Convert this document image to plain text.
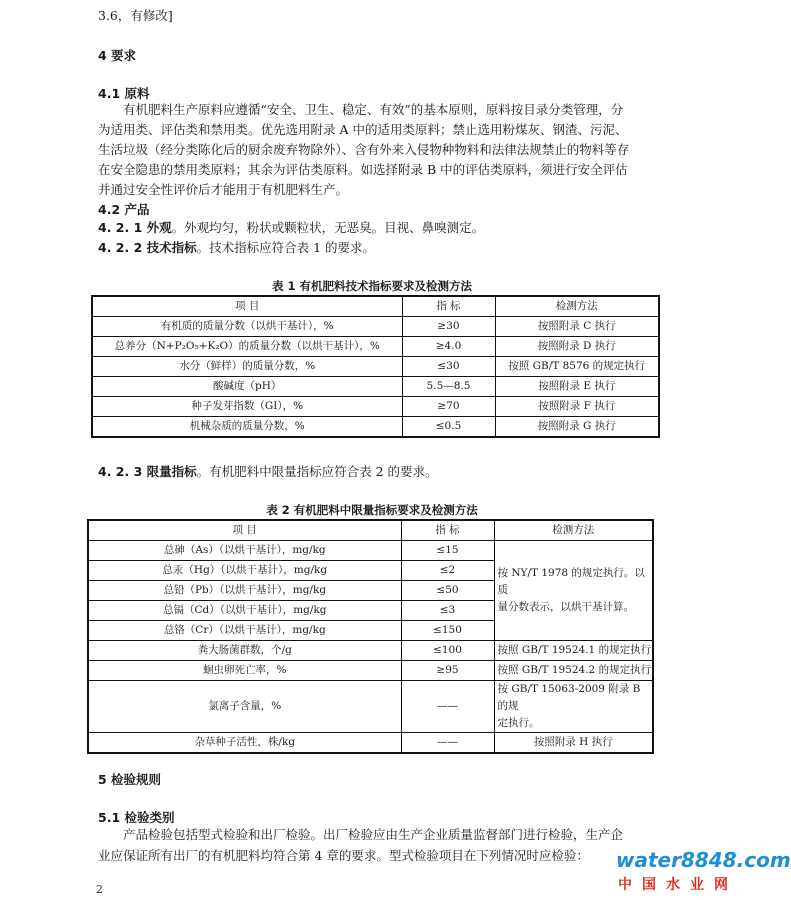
3.6，有修改]
4 要求
4.1 原料
有机肥料生产原料应遵循“安全、卫生、稳定、有效”的基本原则，原料按目录分类管理，分
为适用类、评估类和禁用类。优先选用附录 A 中的适用类原料；禁止选用粉煤灰、钢渣、污泥、
生活垃圾（经分类陈化后的厨余废弃物除外）、含有外来入侵物种物料和法律法规禁止的物料等存
在安全隐患的禁用类原料；其余为评估类原料。如选择附录 B 中的评估类原料，须进行安全评估
并通过安全性评价后才能用于有机肥料生产。
4.2 产品
4. 2. 1 外观。外观均匀，粉状或颗粒状，无恶臭。目视、鼻嗅测定。
4. 2. 2 技术指标。技术指标应符合表 1 的要求。
表 1 有机肥料技术指标要求及检测方法
项 目	指 标	检测方法
有机质的质量分数（以烘干基计），%	≥30	按照附录 C 执行
总养分（N+P₂O₅+K₂O）的质量分数（以烘干基计），%	≥4.0	按照附录 D 执行
水分（鲜样）的质量分数，%	≤30	按照 GB/T 8576 的规定执行
酸碱度（pH）	5.5—8.5	按照附录 E 执行
种子发芽指数（GI），%	≥70	按照附录 F 执行
机械杂质的质量分数，%	≤0.5	按照附录 G 执行
4. 2. 3 限量指标。有机肥料中限量指标应符合表 2 的要求。
表 2 有机肥料中限量指标要求及检测方法
项 目	指 标	检测方法
总砷（As）（以烘干基计），mg/kg	≤15	按 NY/T 1978 的规定执行。以质
量分数表示，以烘干基计算。

总汞（Hg）（以烘干基计），mg/kg	≤2	
总铅（Pb）（以烘干基计），mg/kg	≤50	
总镉（Cd）（以烘干基计），mg/kg	≤3	
总铬（Cr）（以烘干基计），mg/kg	≤150	
粪大肠菌群数，个/g	≤100	按照 GB/T 19524.1 的规定执行
蛔虫卵死亡率，%	≥95	按照 GB/T 19524.2 的规定执行
氯离子含量，%	——	按 GB/T 15063-2009 附录 B 的规
定执行。

杂草种子活性，株/kg	——	按照附录 H 执行
5 检验规则
5.1 检验类别
产品检验包括型式检验和出厂检验。出厂检验应由生产企业质量监督部门进行检验，生产企
业应保证所有出厂的有机肥料均符合第 4 章的要求。型式检验项目在下列情况时应检验：
2
water8848.com
中国水业网
